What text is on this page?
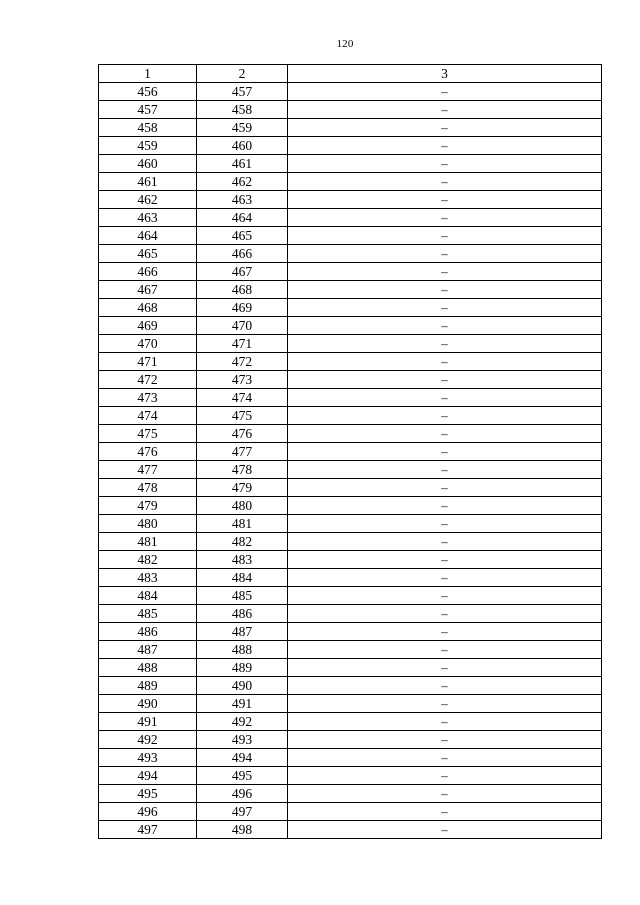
120
1	2	3
456	457	–
457	458	–
458	459	–
459	460	–
460	461	–
461	462	–
462	463	–
463	464	–
464	465	–
465	466	–
466	467	–
467	468	–
468	469	–
469	470	–
470	471	–
471	472	–
472	473	–
473	474	–
474	475	–
475	476	–
476	477	–
477	478	–
478	479	–
479	480	–
480	481	–
481	482	–
482	483	–
483	484	–
484	485	–
485	486	–
486	487	–
487	488	–
488	489	–
489	490	–
490	491	–
491	492	–
492	493	–
493	494	–
494	495	–
495	496	–
496	497	–
497	498	–
